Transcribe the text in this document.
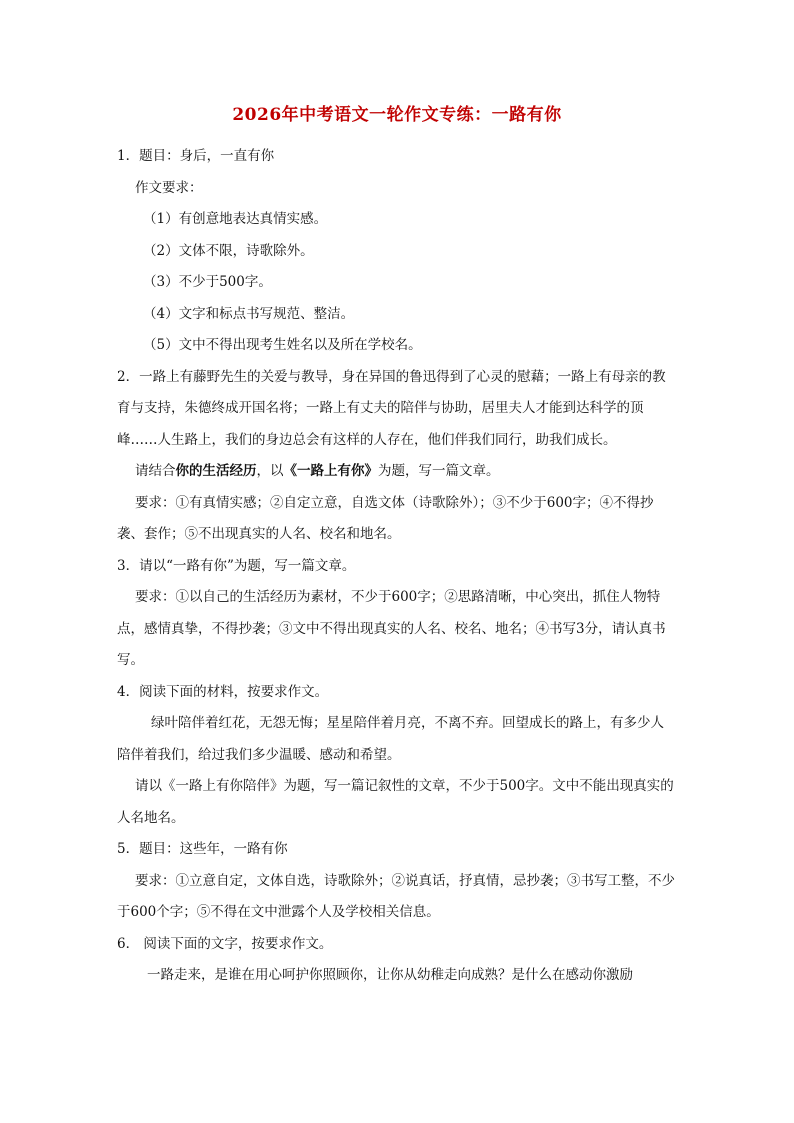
2026年中考语文一轮作文专练：一路有你

1．题目：身后，一直有你

作文要求：

（1）有创意地表达真情实感。

（2）文体不限，诗歌除外。

（3）不少于500字。

（4）文字和标点书写规范、整洁。

（5）文中不得出现考生姓名以及所在学校名。

2．一路上有藤野先生的关爱与教导，身在异国的鲁迅得到了心灵的慰藉；一路上有母亲的教育与支持，朱德终成开国名将；一路上有丈夫的陪伴与协助，居里夫人才能到达科学的顶峰……人生路上，我们的身边总会有这样的人存在，他们伴我们同行，助我们成长。

请结合你的生活经历，以《一路上有你》为题，写一篇文章。

要求：①有真情实感；②自定立意，自选文体（诗歌除外）；③不少于600字；④不得抄袭、套作；⑤不出现真实的人名、校名和地名。

3．请以“一路有你”为题，写一篇文章。

要求：①以自己的生活经历为素材，不少于600字；②思路清晰，中心突出，抓住人物特点，感情真挚，不得抄袭；③文中不得出现真实的人名、校名、地名；④书写3分，请认真书写。

4．阅读下面的材料，按要求作文。

绿叶陪伴着红花，无怨无悔；星星陪伴着月亮，不离不弃。回望成长的路上，有多少人陪伴着我们，给过我们多少温暖、感动和希望。

请以《一路上有你陪伴》为题，写一篇记叙性的文章，不少于500字。文中不能出现真实的人名地名。

5．题目：这些年，一路有你

要求：①立意自定，文体自选，诗歌除外；②说真话，抒真情，忌抄袭；③书写工整，不少于600个字；⑤不得在文中泄露个人及学校相关信息。

6． 阅读下面的文字，按要求作文。

一路走来，是谁在用心呵护你照顾你，让你从幼稚走向成熟？是什么在感动你激励
